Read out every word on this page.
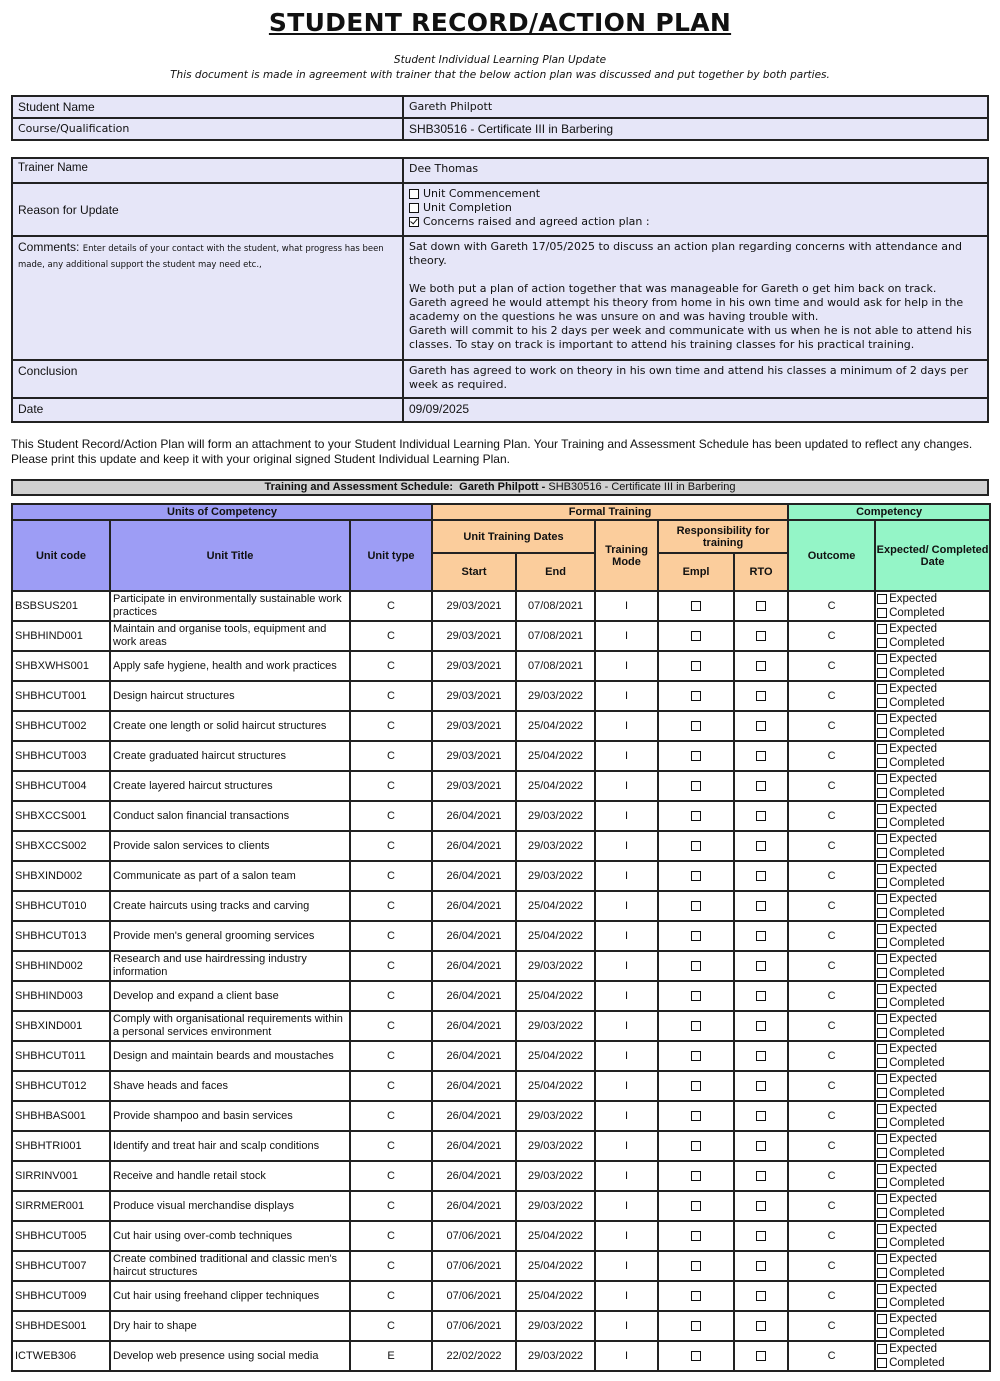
STUDENT RECORD/ACTION PLAN
Student Individual Learning Plan Update
This document is made in agreement with trainer that the below action plan was discussed and put together by both parties.
Student Name	Gareth Philpott
Course/Qualification	SHB30516 - Certificate III in Barbering
Trainer Name	Dee Thomas
Reason for Update	Unit Commencement
Unit Completion
Concerns raised and agreed action plan :

Comments: Enter details of your contact with the student, what progress has been made, any additional support the student may need etc.,	Sat down with Gareth 17/05/2025 to discuss an action plan regarding concerns with attendance and theory.
We both put a plan of action together that was manageable for Gareth o get him back on track.
Gareth agreed he would attempt his theory from home in his own time and would ask for help in the academy on the questions he was unsure on and was having trouble with.
Gareth will commit to his 2 days per week and communicate with us when he is not able to attend his classes. To stay on track is important to attend his training classes for his practical training.

Conclusion	Gareth has agreed to work on theory in his own time and attend his classes a minimum of 2 days per week as required.
Date	09/09/2025
This Student Record/Action Plan will form an attachment to your Student Individual Learning Plan. Your Training and Assessment Schedule has been updated to reflect any changes. Please print this update and keep it with your original signed Student Individual Learning Plan.
Training and Assessment Schedule: Gareth Philpott - SHB30516 - Certificate III in Barbering
Units of Competency			Formal Training					Competency	
Unit code	Unit Title	Unit type	Unit Training Dates		Training Mode	Responsibility for training		Outcome	Expected/ Completed Date
			Start	End		Empl	RTO		
BSBSUS201	Participate in environmentally sustainable work practices	C	29/03/2021	07/08/2021	I			C	Expected
Completed

SHBHIND001	Maintain and organise tools, equipment and work areas	C	29/03/2021	07/08/2021	I			C	Expected
Completed

SHBXWHS001	Apply safe hygiene, health and work practices	C	29/03/2021	07/08/2021	I			C	Expected
Completed

SHBHCUT001	Design haircut structures	C	29/03/2021	29/03/2022	I			C	Expected
Completed

SHBHCUT002	Create one length or solid haircut structures	C	29/03/2021	25/04/2022	I			C	Expected
Completed

SHBHCUT003	Create graduated haircut structures	C	29/03/2021	25/04/2022	I			C	Expected
Completed

SHBHCUT004	Create layered haircut structures	C	29/03/2021	25/04/2022	I			C	Expected
Completed

SHBXCCS001	Conduct salon financial transactions	C	26/04/2021	29/03/2022	I			C	Expected
Completed

SHBXCCS002	Provide salon services to clients	C	26/04/2021	29/03/2022	I			C	Expected
Completed

SHBXIND002	Communicate as part of a salon team	C	26/04/2021	29/03/2022	I			C	Expected
Completed

SHBHCUT010	Create haircuts using tracks and carving	C	26/04/2021	25/04/2022	I			C	Expected
Completed

SHBHCUT013	Provide men's general grooming services	C	26/04/2021	25/04/2022	I			C	Expected
Completed

SHBHIND002	Research and use hairdressing industry information	C	26/04/2021	29/03/2022	I			C	Expected
Completed

SHBHIND003	Develop and expand a client base	C	26/04/2021	25/04/2022	I			C	Expected
Completed

SHBXIND001	Comply with organisational requirements within a personal services environment	C	26/04/2021	29/03/2022	I			C	Expected
Completed

SHBHCUT011	Design and maintain beards and moustaches	C	26/04/2021	25/04/2022	I			C	Expected
Completed

SHBHCUT012	Shave heads and faces	C	26/04/2021	25/04/2022	I			C	Expected
Completed

SHBHBAS001	Provide shampoo and basin services	C	26/04/2021	29/03/2022	I			C	Expected
Completed

SHBHTRI001	Identify and treat hair and scalp conditions	C	26/04/2021	29/03/2022	I			C	Expected
Completed

SIRRINV001	Receive and handle retail stock	C	26/04/2021	29/03/2022	I			C	Expected
Completed

SIRRMER001	Produce visual merchandise displays	C	26/04/2021	29/03/2022	I			C	Expected
Completed

SHBHCUT005	Cut hair using over-comb techniques	C	07/06/2021	25/04/2022	I			C	Expected
Completed

SHBHCUT007	Create combined traditional and classic men's haircut structures	C	07/06/2021	25/04/2022	I			C	Expected
Completed

SHBHCUT009	Cut hair using freehand clipper techniques	C	07/06/2021	25/04/2022	I			C	Expected
Completed

SHBHDES001	Dry hair to shape	C	07/06/2021	29/03/2022	I			C	Expected
Completed

ICTWEB306	Develop web presence using social media	E	22/02/2022	29/03/2022	I			C	Expected
Completed
